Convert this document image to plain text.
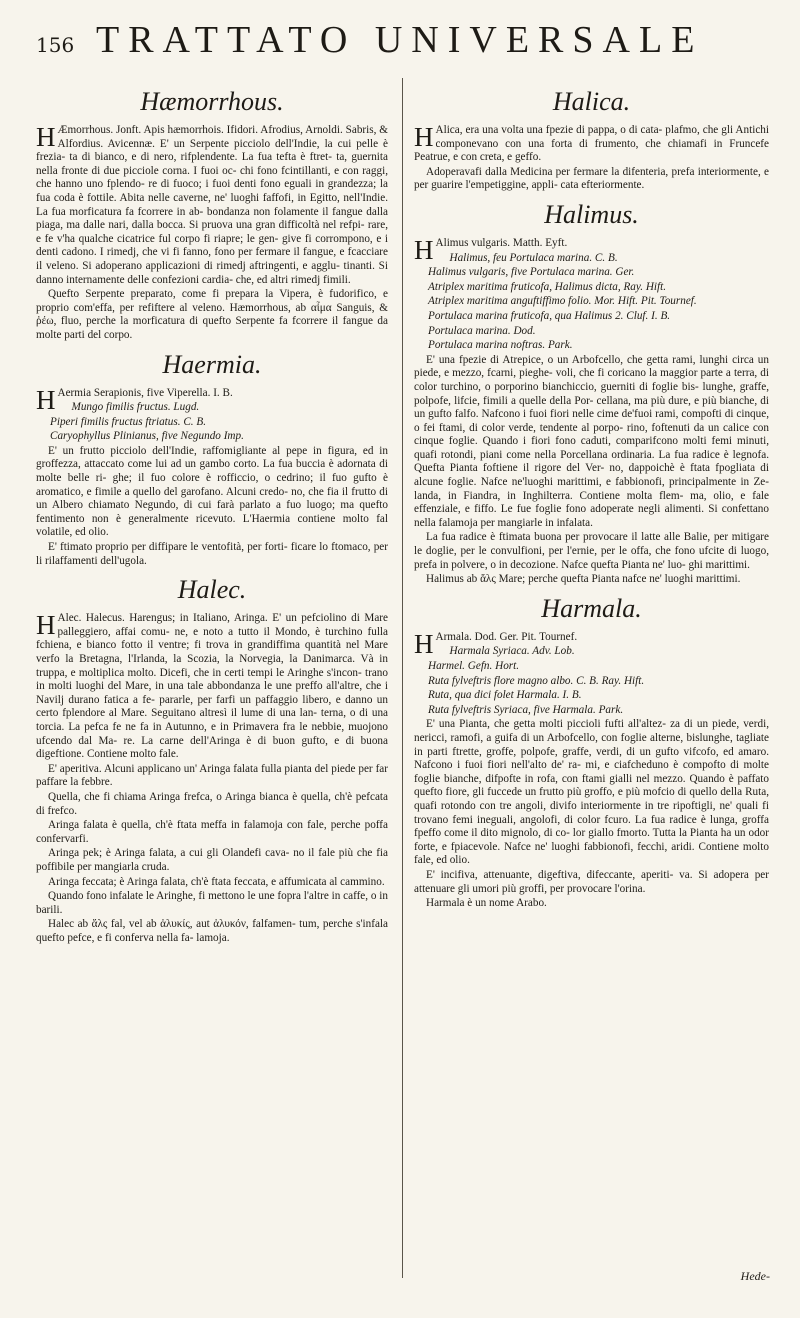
156 TRATTATO UNIVERSALE
Hæmorrhous.

H Æmorrhous. Jonft. Apis hæmorrhois. Ifidori. Afrodius, Arnoldi. Sabris, & Alfordius. Avicennæ. E' un Serpente picciolo dell'Indie, la cui pelle è frezia- ta di bianco, e di nero, rifplendente. La fua tefta è ftret- ta, guernita nella fronte di due picciole corna. I fuoi oc- chi fono fcintillanti, e con raggi, che hanno uno fplendo- re di fuoco; i fuoi denti fono eguali in grandezza; la fua coda è fottile. Abita nelle caverne, ne' luoghi faffofi, in Egitto, nell'Indie. La fua morficatura fa fcorrere in ab- bondanza non folamente il fangue dalla piaga, ma dalle nari, dalla bocca. Si pruova una gran difficoltà nel refpi- rare, e fe v'ha qualche cicatrice ful corpo fi riapre; le gen- give fi corrompono, e i denti cadono. I rimedj, che vi fi fanno, fono per fermare il fangue, e fcacciare il veleno. Si adoperano applicazioni di rimedj aftringenti, e agglu- tinanti. Si danno internamente delle confezioni cardia- che, ed altri rimedj fimili.

Quefto Serpente preparato, come fi prepara la Vipera, è fudorifico, e proprio com'effa, per refiftere al veleno. Hæmorrhous, ab αἷμα Sanguis, & ῥέω, fluo, perche la morficatura di quefto Serpente fa fcorrere il fangue da molte parti del corpo.

Haermia.

H Aermia Serapionis, five Viperella. I. B.

Mungo fimilis fructus. Lugd.

Piperi fimilis fructus ftriatus. C. B.

Caryophyllus Plinianus, five Negundo Imp.

E' un frutto picciolo dell'Indie, raffomigliante al pepe in figura, ed in groffezza, attaccato come lui ad un gambo corto. La fua buccia è adornata di molte belle ri- ghe; il fuo colore è rofficcio, o cedrino; il fuo gufto è aromatico, e fimile a quello del garofano. Alcuni credo- no, che fia il frutto di un Albero chiamato Negundo, di cui farà parlato a fuo luogo; ma quefto fentimento non è generalmente ricevuto. L'Haermia contiene molto fal volatile, ed olio.

E' ftimato proprio per diffipare le ventofità, per forti- ficare lo ftomaco, per li rilaffamenti dell'ugola.

Halec.

H Alec. Halecus. Harengus; in Italiano, Aringa. E' un pefciolino di Mare palleggiero, affai comu- ne, e noto a tutto il Mondo, è turchino fulla fchiena, e bianco fotto il ventre; fi trova in grandiffima quantità nel Mare verfo la Bretagna, l'Irlanda, la Scozia, la Norvegia, la Danimarca. Và in truppa, e moltiplica molto. Dicefi, che in certi tempi le Aringhe s'incon- trano in molti luoghi del Mare, in una tale abbondanza le une preffo all'altre, che i Navilj durano fatica a fe- pararle, per farfi un paffaggio libero, e danno un certo fplendore al Mare. Seguitano altresì il lume di una lan- terna, o di una torcia. La pefca fe ne fa in Autunno, e in Primavera fra le nebbie, muojono ufcendo dal Ma- re. La carne dell'Aringa è di buon gufto, e di buona digeftione. Contiene molto fale.

E' aperitiva. Alcuni applicano un' Aringa falata fulla pianta del piede per far paffare la febbre.

Quella, che fi chiama Aringa frefca, o Aringa bianca è quella, ch'è pefcata di frefco.

Aringa falata è quella, ch'è ftata meffa in falamoja con fale, perche poffa confervarfi.

Aringa pek; è Aringa falata, a cui gli Olandefi cava- no il fale più che fia poffibile per mangiarla cruda.

Aringa feccata; è Aringa falata, ch'è ftata feccata, e affumicata al cammino.

Quando fono infalate le Aringhe, fi mettono le une fopra l'altre in caffe, o in barili.

Halec ab ἅλς fal, vel ab ἁλυκίς, aut ἁλυκόν, falfamen- tum, perche s'infala quefto pefce, e fi conferva nella fa- lamoja.

Halica.

H Alica, era una volta una fpezie di pappa, o di cata- plafmo, che gli Antichi componevano con una forta di frumento, che chiamafi in Fruncefe Peatrue, e con creta, e geffo.

Adoperavafi dalla Medicina per fermare la difenteria, prefa interiormente, e per guarire l'empetiggine, appli- cata efteriormente.

Halimus.

H Alimus vulgaris. Matth. Eyft.

Halimus, feu Portulaca marina. C. B.

Halimus vulgaris, five Portulaca marina. Ger.

Atriplex maritima fruticofa, Halimus dicta, Ray. Hift.

Atriplex maritima anguftiffimo folio. Mor. Hift. Pit. Tournef.

Portulaca marina fruticofa, qua Halimus 2. Cluf. I. B.

Portulaca marina. Dod.

Portulaca marina noftras. Park.

E' una fpezie di Atrepice, o un Arbofcello, che getta rami, lunghi circa un piede, e mezzo, fcarni, pieghe- voli, che fi coricano la maggior parte a terra, di color turchino, o porporino bianchiccio, guerniti di foglie bis- lunghe, graffe, polpofe, lifcie, fimili a quelle della Por- cellana, ma più dure, e più bianche, di un gufto falfo. Nafcono i fuoi fiori nelle cime de'fuoi rami, compofti di cinque, o fei ftami, di color verde, tendente al porpo- rino, foftenuti da un calice con cinque foglie. Quando i fiori fono caduti, comparifcono molti femi minuti, quafi rotondi, piani come nella Porcellana ordinaria. La fua radice è legnofa. Quefta Pianta foftiene il rigore del Ver- no, dappoichè è ftata fpogliata di alcune foglie. Nafce ne'luoghi marittimi, e fabbionofi, principalmente in Ze- landa, in Fiandra, in Inghilterra. Contiene molta flem- ma, olio, e fale effenziale, e fiffo. Le fue foglie fono adoperate negli alimenti. Si confettano nella falamoja per mangiarle in infalata.

La fua radice è ftimata buona per provocare il latte alle Balie, per mitigare le doglie, per le convulfioni, per l'ernie, per le offa, che fono ufcite di luogo, prefa in polvere, o in decozione. Nafce quefta Pianta ne' luo- ghi marittimi.

Halimus ab ἅλς Mare; perche quefta Pianta nafce ne' luoghi marittimi.

Harmala.

H Armala. Dod. Ger. Pit. Tournef.

Harmala Syriaca. Adv. Lob.

Harmel. Gefn. Hort.

Ruta fylveftris flore magno albo. C. B. Ray. Hift.

Ruta, qua dici folet Harmala. I. B.

Ruta fylveftris Syriaca, five Harmala. Park.

E' una Pianta, che getta molti piccioli fufti all'altez- za di un piede, verdi, nericci, ramofi, a guifa di un Arbofcello, con foglie alterne, bislunghe, tagliate in parti ftrette, groffe, polpofe, graffe, verdi, di un gufto vifcofo, ed amaro. Nafcono i fuoi fiori nell'alto de' ra- mi, e ciafcheduno è compofto di molte foglie bianche, difpofte in rofa, con ftami gialli nel mezzo. Quando è paffato quefto fiore, gli fuccede un frutto più groffo, e più mofcio di quello della Ruta, quafi rotondo con tre angoli, divifo interiormente in tre ripoftigli, ne' quali fi trovano femi ineguali, angolofi, di color fcuro. La fua radice è lunga, groffa fpeffo come il dito mignolo, di co- lor giallo fmorto. Tutta la Pianta ha un odor forte, e fpiacevole. Nafce ne' luoghi fabbionofi, fecchi, aridi. Contiene molto fale, ed olio.

E' incifiva, attenuante, digeftiva, difeccante, aperiti- va. Si adopera per attenuare gli umori più groffi, per provocare l'orina.

Harmala è un nome Arabo.

Hede-
